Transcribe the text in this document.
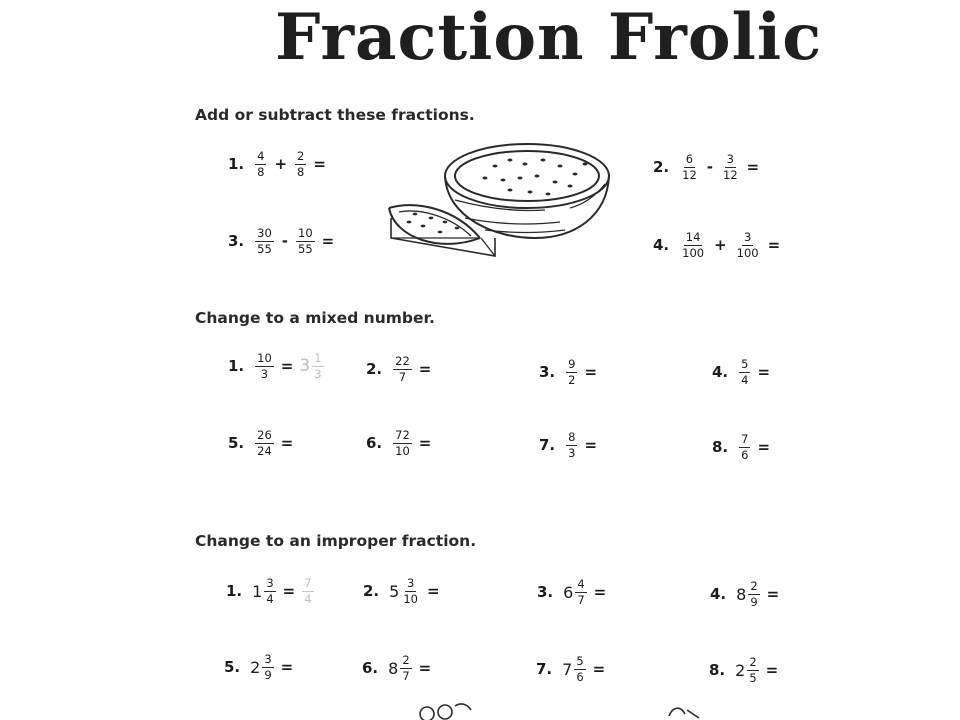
Fraction Frolic
Add or subtract these fractions.
1. $\frac{4}{8} + \frac{2}{8}$ =	2. $\frac{6}{12} - \frac{3}{12}$ =
3. $\frac{30}{55} - \frac{10}{55}$ =	4. $\frac{14}{100} + \frac{3}{100}$ =
Change to a mixed number.
1. $\frac{10}{3} = 3 \frac{1}{3}$	2. $\frac{22}{7}$ =	3. $\frac{9}{2}$ =	4. $\frac{5}{4}$ =
5. $\frac{26}{24}$ =	6. $\frac{72}{10}$ =	7. $\frac{8}{3}$ =	8. $\frac{7}{6}$ =
Change to an improper fraction.
1. $1 \frac{3}{4} = \frac{7}{4}$	2. $5 \frac{3}{10}$ =	3. $6 \frac{4}{7}$ =	4. $8 \frac{2}{9}$ =
5. $2 \frac{3}{9}$ =	6. $8 \frac{2}{7}$ =	7. $7 \frac{5}{6}$ =	8. $2 \frac{2}{5}$ =
